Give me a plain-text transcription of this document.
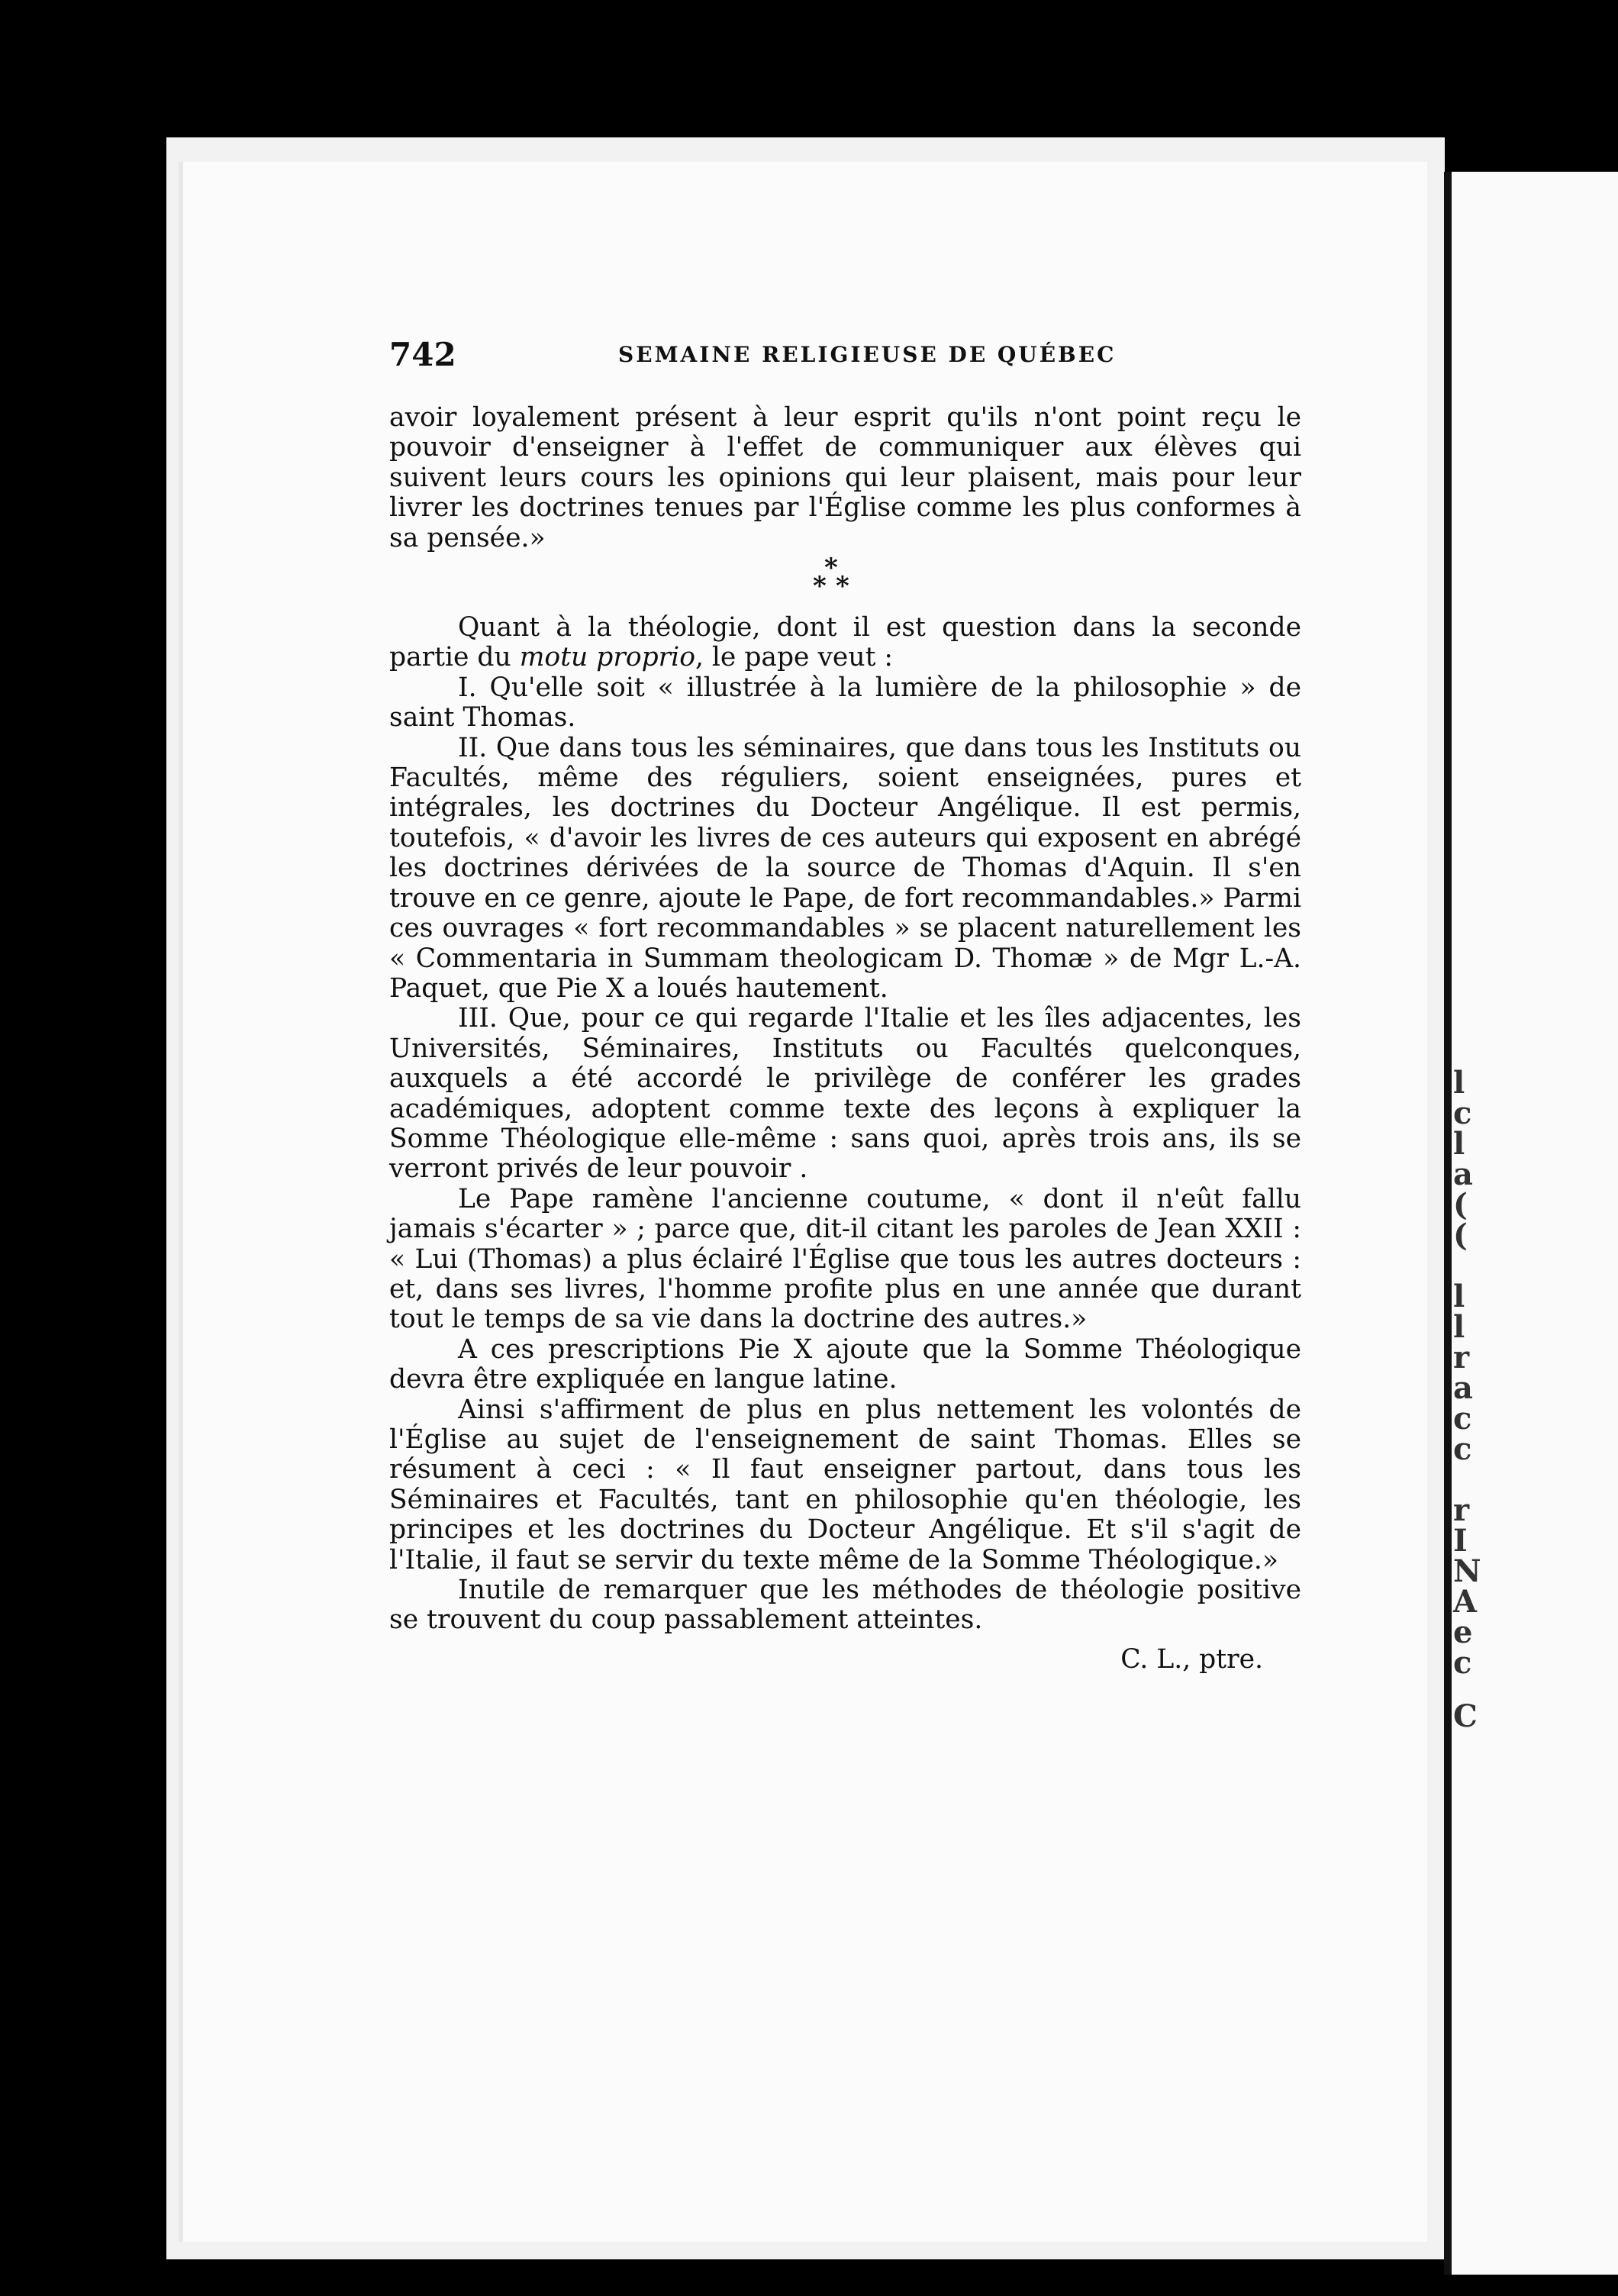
l
c
l
a
(
(
l
l
r
a
c
c
r
I
N
A
e
c
C
742	SEMAINE RELIGIEUSE DE QUÉBEC

avoir loyalement présent à leur esprit qu'ils n'ont point reçu le pouvoir d'enseigner à l'effet de communiquer aux élèves qui suivent leurs cours les opinions qui leur plaisent, mais pour leur livrer les doctrines tenues par l'Église comme les plus conformes à sa pensée.»

*
* *

Quant à la théologie, dont il est question dans la seconde partie du motu proprio, le pape veut :

I. Qu'elle soit « illustrée à la lumière de la philosophie » de saint Thomas.

II. Que dans tous les séminaires, que dans tous les Instituts ou Facultés, même des réguliers, soient enseignées, pures et intégrales, les doctrines du Docteur Angélique. Il est permis, toutefois, « d'avoir les livres de ces auteurs qui exposent en abrégé les doctrines dérivées de la source de Thomas d'Aquin. Il s'en trouve en ce genre, ajoute le Pape, de fort recommandables.» Parmi ces ouvrages « fort recommandables » se placent naturellement les « Commentaria in Summam theologicam D. Thomæ » de Mgr L.-A. Paquet, que Pie X a loués hautement.

III. Que, pour ce qui regarde l'Italie et les îles adjacentes, les Universités, Séminaires, Instituts ou Facultés quelconques, auxquels a été accordé le privilège de conférer les grades académiques, adoptent comme texte des leçons à expliquer la Somme Théologique elle-même : sans quoi, après trois ans, ils se verront privés de leur pouvoir .

Le Pape ramène l'ancienne coutume, « dont il n'eût fallu jamais s'écarter » ; parce que, dit-il citant les paroles de Jean XXII : « Lui (Thomas) a plus éclairé l'Église que tous les autres docteurs : et, dans ses livres, l'homme profite plus en une année que durant tout le temps de sa vie dans la doctrine des autres.»

A ces prescriptions Pie X ajoute que la Somme Théologique devra être expliquée en langue latine.

Ainsi s'affirment de plus en plus nettement les volontés de l'Église au sujet de l'enseignement de saint Thomas. Elles se résument à ceci : « Il faut enseigner partout, dans tous les Séminaires et Facultés, tant en philosophie qu'en théologie, les principes et les doctrines du Docteur Angélique. Et s'il s'agit de l'Italie, il faut se servir du texte même de la Somme Théologique.»

Inutile de remarquer que les méthodes de théologie positive se trouvent du coup passablement atteintes.

C. L., ptre.
